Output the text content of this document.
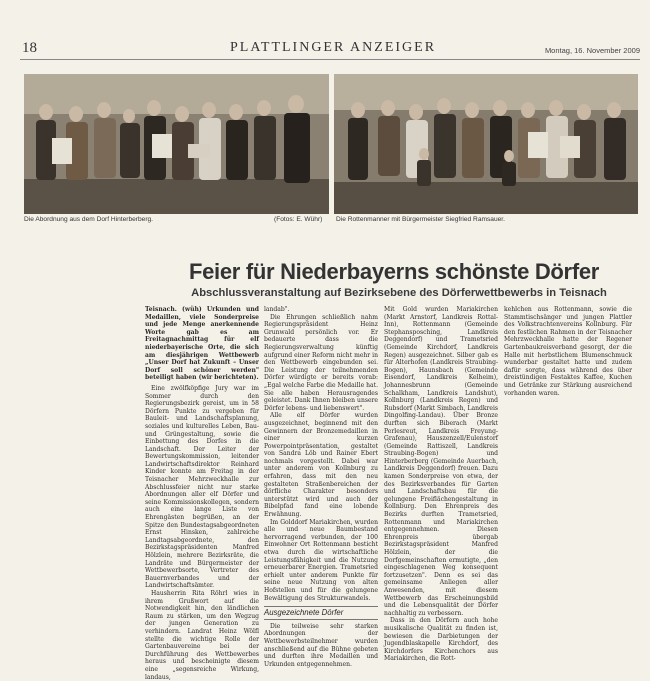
18	PLATTLINGER ANZEIGER	Montag, 16. November 2009
Die Abordnung aus dem Dorf Hinterberberg.	(Fotos: E. Wühr) Die Rottenmanner mit Bürgermeister Siegfried Ramsauer.
Feier für Niederbayerns schönste Dörfer
Abschlussveranstaltung auf Bezirksebene des Dörferwettbewerbs in Teisnach

Teisnach. (wüh) Urkunden und Medaillen, viele Sonderpreise und jede Menge anerkennende Worte gab es am Freitagnachmittag für elf niederbayerische Orte, die sich am diesjährigen Wettbewerb „Unser Dorf hat Zukunft – Unser Dorf soll schöner werden" beteiligt haben (wir berichteten).

Eine zwölfköpfige Jury war im Sommer durch den Regierungsbezirk gereist, um in 58 Dörfern Punkte zu vergeben für Bauleit- und Landschaftsplanung, soziales und kulturelles Leben, Bau- und Grüngestaltung, sowie die Einbettung des Dorfes in die Landschaft. Der Leiter der Bewertungskommission, leitender Landwirtschaftsdirektor Reinhard Kinder konnte am Freitag in der Teisnacher Mehrzweckhalle zur Abschlussfeier nicht nur starke Abordnungen aller elf Dörfer und seine Kommissionskollegen, sondern auch eine lange Liste von Ehrengästen begrüßen, an der Spitze den Bundestagsabgeordneten Ernst Hinsken, zahlreiche Landtagsabgeordnete, den Bezirkstagspräsidenten Manfred Hölzlein, mehrere Bezirksräte, die Landräte und Bürgermeister der Wettbewerbsorte, Vertreter des Bauernverbandes und der Landwirtschaftsämter.

Hausherrin Rita Röhrl wies in ihrem Grußwort auf die Notwendigkeit hin, den ländlichen Raum zu stärken, um den Wegzug der jungen Generation zu verhindern. Landrat Heinz Wölfl stellte die wichtige Rolle der Gartenbauvereine bei der Durchführung des Wettbewerbes heraus und bescheinigte diesem eine „segensreiche Wirkung, landaus,

landab".

Die Ehrungen schließlich nahm Regierungspräsident Heinz Grunwald persönlich vor. Er bedauerte dass die Regierungsverwaltung künftig aufgrund einer Reform nicht mehr in den Wettbewerb eingebunden sei. Die Leistung der teilnehmenden Dörfer würdigte er bereits vorab: „Egal welche Farbe die Medaille hat. Sie alle haben Herausragendes geleistet. Dank Ihnen bleiben unsere Dörfer lebens- und liebenswert".

Alle elf Dörfer wurden ausgezeichnet, beginnend mit den Gewinnern der Bronzemedaillen in einer kurzen Powerpointpräsentation, gestaltet von Sandra Löb und Rainer Ebert nochmals vorgestellt. Dabei war unter anderem von Kollnburg zu erfahren, dass mit den neu gestalteten Straßenbereichen der dörfliche Charakter besonders unterstützt wird und auch der Bibelpfad fand eine lobende Erwähnung.

Im Golddorf Mariakirchen, wurden alle und neue Baumbestand hervorragend verbunden, der 100 Einwohner Ort Rottenmann besticht etwa durch die wirtschaftliche Leistungsfähigkeit und die Nutzung erneuerbarer Energien. Trametsried erhielt unter anderem Punkte für seine neue Nutzung von alten Hofstellen und für die gelungene Bewältigung des Strukturwandels.

Ausgezeichnete Dörfer

Die teilweise sehr starken Abordnungen der Wettbewerbsteilnehmer wurden anschließend auf die Bühne gebeten und durften ihre Medaillen und Urkunden entgegennehmen.

Mit Gold wurden Mariakirchen (Markt Arnstorf, Landkreis Rottal-Inn), Rottenmann (Gemeinde Stephansposching, Landkreis Deggendorf) und Trametsried (Gemeinde Kirchdorf, Landkreis Regen) ausgezeichnet. Silber gab es für Alterhofen (Landkreis Straubing-Bogen), Haunsbach (Gemeinde Eisendorf, Landkreis Kelheim), Johannesbrunn (Gemeinde Schalkham, Landkreis Landshut), Kollnburg (Landkreis Regen) und Rubsdorf (Markt Simbach, Landkreis Dingolfing-Landau). Über Bronze durften sich Biberach (Markt Perlesreut, Landkreis Freyung-Grafenau), Hauszenzell/Eulenstorf (Gemeinde Rattiszell, Landkreis Straubing-Bogen) und Hinterberberg (Gemeinde Auerbach, Landkreis Deggendorf) freuen. Dazu kamen Sonderpreise von etwa, der des Bezirksverbandes für Garten und Landschaftsbau für die gelungene Freiflächengestaltung in Kollnburg. Den Ehrenpreis des Bezirks durften Trametsried, Rottenmann und Mariakirchen entgegennehmen. Diesen Ehrenpreis übergab Bezirkstagspräsident Manfred Hölzlein, der die Dorfgemeinschaften ermutigte, „den eingeschlagenen Weg konsequent fortzusetzen". Denn es sei das gemeinsame Anliegen aller Anwesenden, mit diesem Wettbewerb das Erscheinungsbild und die Lebensqualität der Dörfer nachhaltig zu verbessern.

Dass in den Dörfern auch hohe musikalische Qualität zu finden ist, bewiesen die Darbietungen der Jugendblaskapelle Kirchdorf, des Kirchdorfers Kirchenchors aus Mariakirchen, die Rott-

kehlchen aus Rottenmann, sowie die Stammtischsänger und jungen Plattler des Volkstrachtenvereins Kollnburg. Für den festlichen Rahmen in der Teisnacher Mehrzweckhalle hatte der Regener Gartenbaukreisverband gesorgt, der die Halle mit herbstlichem Blumenschmuck wunderbar gestaltet hatte und zudem dafür sorgte, dass während des über dreistündigen Festaktes Kaffee, Kuchen und Getränke zur Stärkung ausreichend vorhanden waren.
